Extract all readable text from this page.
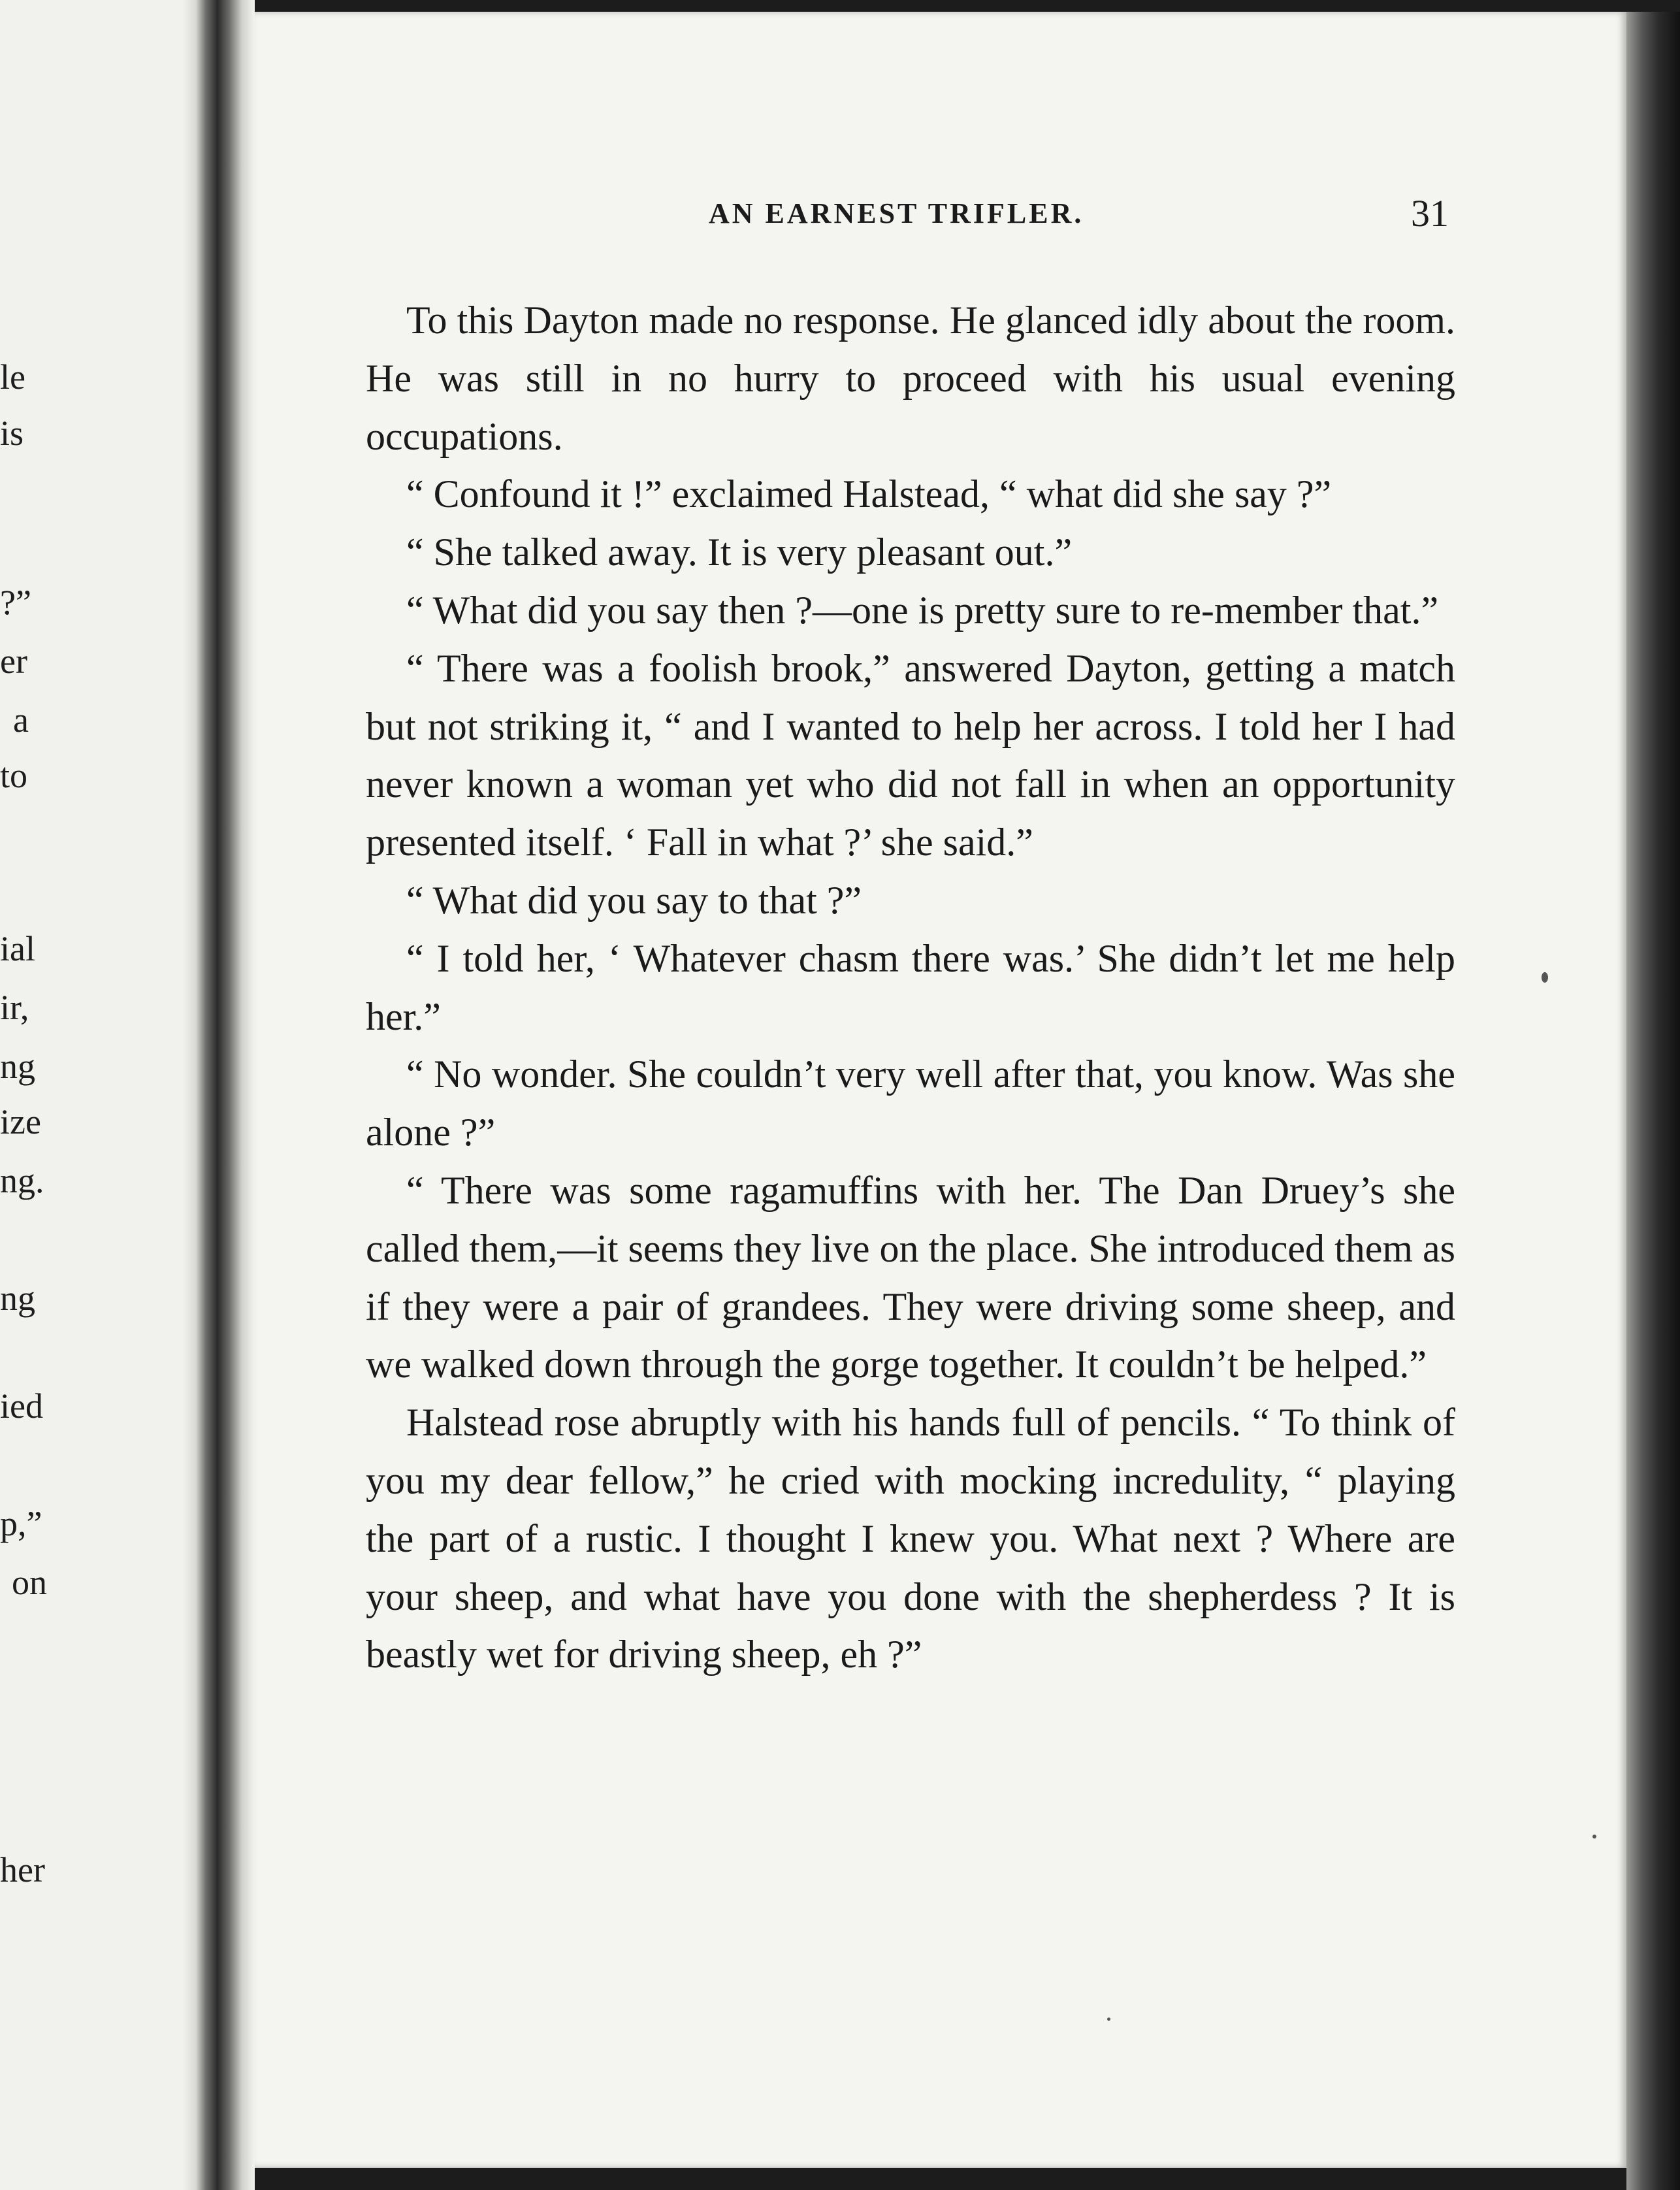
le
is
?”
er
a
to
ial
ir,
ng
ize
ng.
ng
ied
p,”
on
her
AN EARNEST TRIFLER.	31

To this Dayton made no response. He glanced idly about the room. He was still in no hurry to proceed with his usual evening occupations.

“ Confound it !” exclaimed Halstead, “ what did she say ?”

“ She talked away. It is very pleasant out.”

“ What did you say then ?—one is pretty sure to re-member that.”

“ There was a foolish brook,” answered Dayton, getting a match but not striking it, “ and I wanted to help her across. I told her I had never known a woman yet who did not fall in when an opportunity presented itself. ‘ Fall in what ?’ she said.”

“ What did you say to that ?”

“ I told her, ‘ Whatever chasm there was.’ She didn’t let me help her.”

“ No wonder. She couldn’t very well after that, you know. Was she alone ?”

“ There was some ragamuffins with her. The Dan Druey’s she called them,—it seems they live on the place. She introduced them as if they were a pair of grandees. They were driving some sheep, and we walked down through the gorge together. It couldn’t be helped.”

Halstead rose abruptly with his hands full of pencils. “ To think of you my dear fellow,” he cried with mocking incredulity, “ playing the part of a rustic. I thought I knew you. What next ? Where are your sheep, and what have you done with the shepherdess ? It is beastly wet for driving sheep, eh ?”
